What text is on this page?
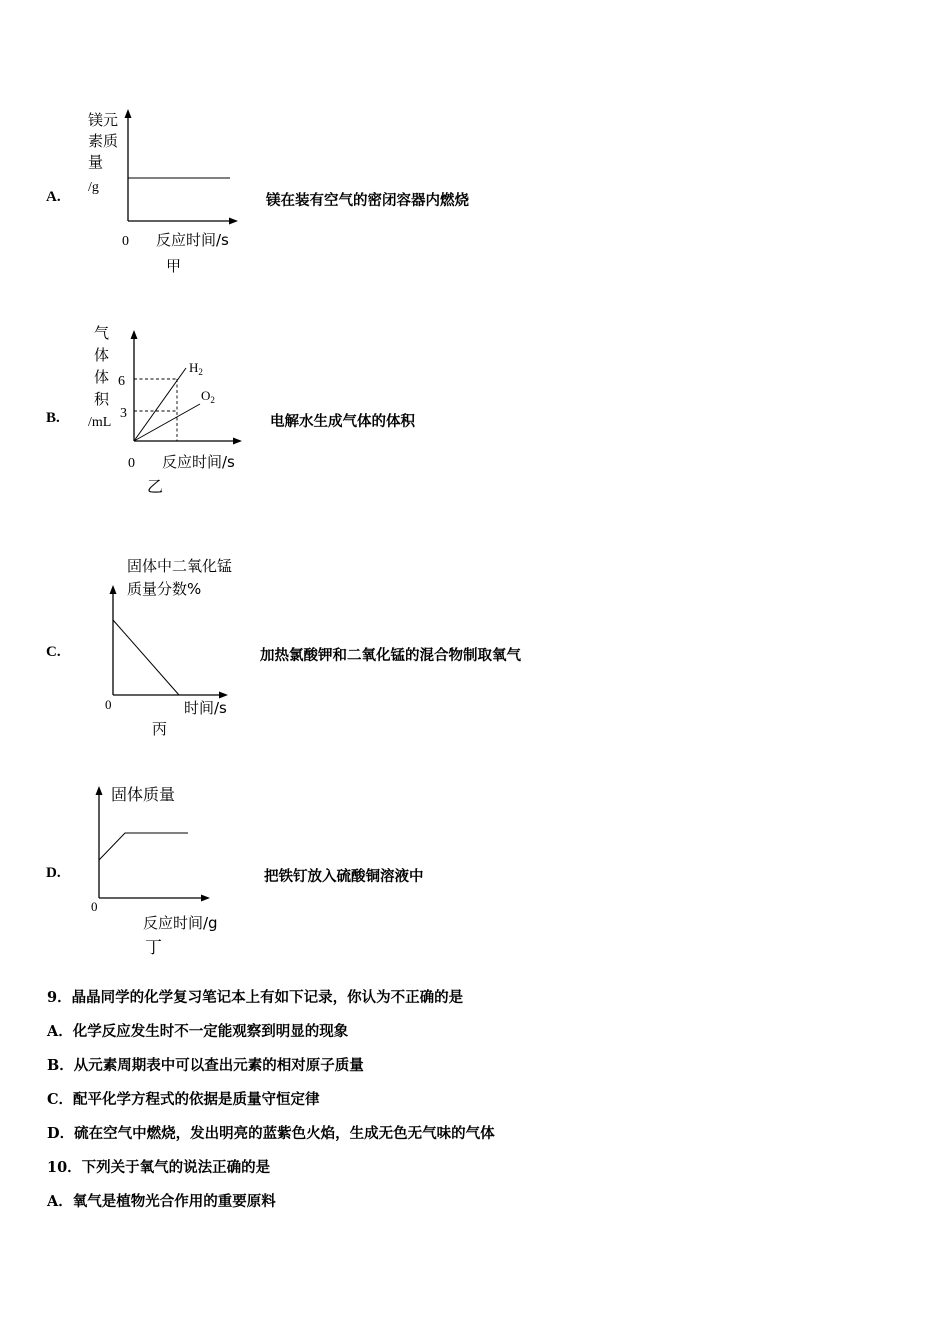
A.
镁元
素质
量
/g
0 反应时间/s
甲
镁在装有空气的密闭容器内燃烧
B.
气
体
体
积
/mL
6
3
$H_2$
$O_2$
0 反应时间/s
乙
电解水生成气体的体积
C.
固体中二氧化锰
质量分数%
0	时间/s
丙
加热氯酸钾和二氧化锰的混合物制取氧气
D.
固体质量
0
反应时间/g
丁
把铁钉放入硫酸铜溶液中
9．晶晶同学的化学复习笔记本上有如下记录，你认为不正确的是
A．化学反应发生时不一定能观察到明显的现象
B．从元素周期表中可以查出元素的相对原子质量
C．配平化学方程式的依据是质量守恒定律
D．硫在空气中燃烧，发出明亮的蓝紫色火焰，生成无色无气味的气体
10．下列关于氧气的说法正确的是
A．氧气是植物光合作用的重要原料
